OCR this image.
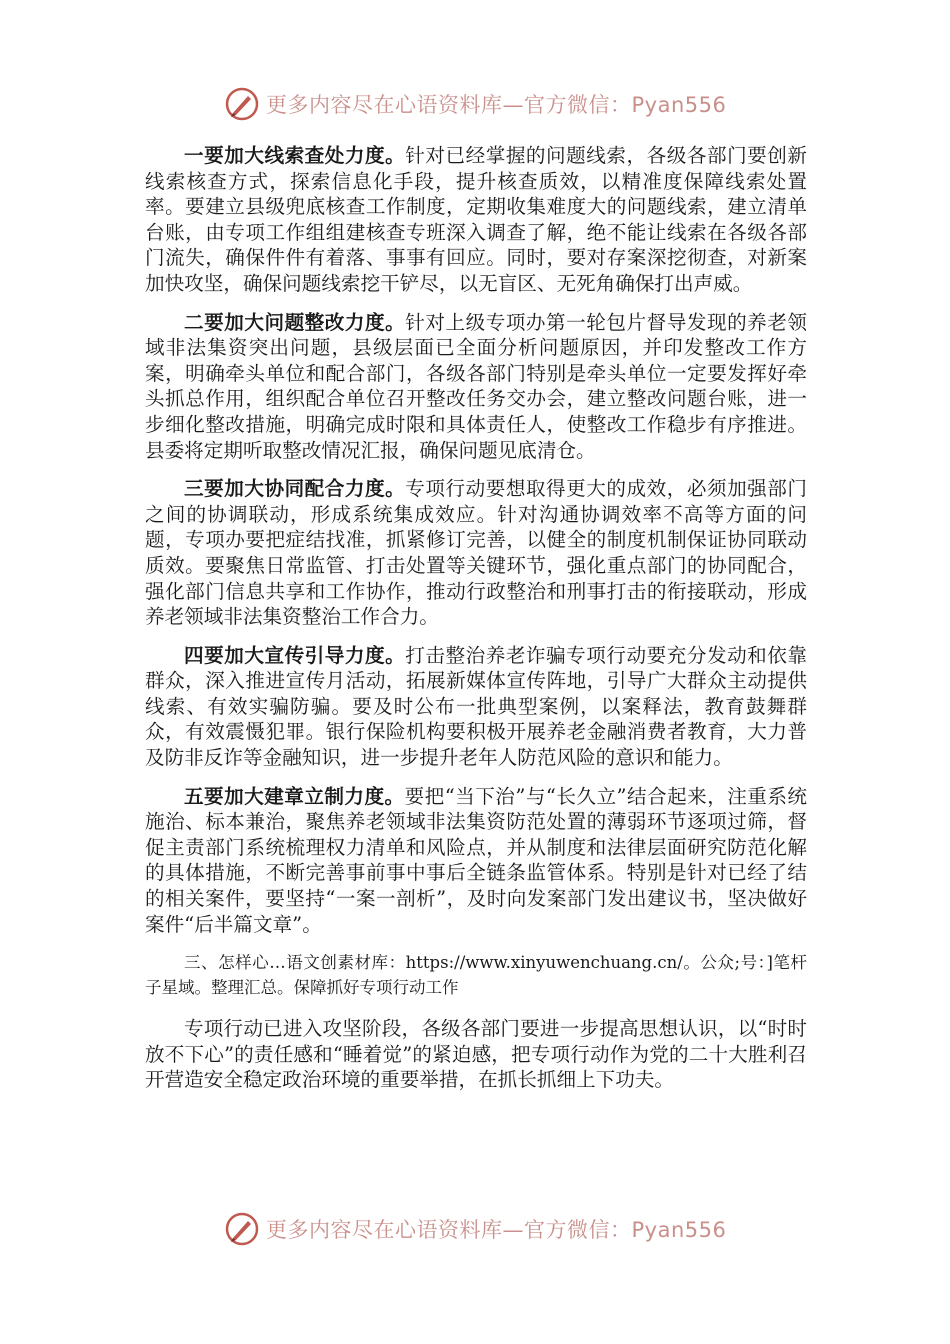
更多内容尽在心语资料库—官方微信：Pyan556

一要加大线索查处力度。针对已经掌握的问题线索，各级各部门要创新线索核查方式，探索信息化手段，提升核查质效，以精准度保障线索处置率。要建立县级兜底核查工作制度，定期收集难度大的问题线索，建立清单台账，由专项工作组组建核查专班深入调查了解，绝不能让线索在各级各部门流失，确保件件有着落、事事有回应。同时，要对存案深挖彻查，对新案加快攻坚，确保问题线索挖干铲尽，以无盲区、无死角确保打出声威。

二要加大问题整改力度。针对上级专项办第一轮包片督导发现的养老领域非法集资突出问题，县级层面已全面分析问题原因，并印发整改工作方案，明确牵头单位和配合部门，各级各部门特别是牵头单位一定要发挥好牵头抓总作用，组织配合单位召开整改任务交办会，建立整改问题台账，进一步细化整改措施，明确完成时限和具体责任人，使整改工作稳步有序推进。县委将定期听取整改情况汇报，确保问题见底清仓。

三要加大协同配合力度。专项行动要想取得更大的成效，必须加强部门之间的协调联动，形成系统集成效应。针对沟通协调效率不高等方面的问题，专项办要把症结找准，抓紧修订完善，以健全的制度机制保证协同联动质效。要聚焦日常监管、打击处置等关键环节，强化重点部门的协同配合，强化部门信息共享和工作协作，推动行政整治和刑事打击的衔接联动，形成养老领域非法集资整治工作合力。

四要加大宣传引导力度。打击整治养老诈骗专项行动要充分发动和依靠群众，深入推进宣传月活动，拓展新媒体宣传阵地，引导广大群众主动提供线索、有效实骗防骗。要及时公布一批典型案例，以案释法，教育鼓舞群众，有效震慑犯罪。银行保险机构要积极开展养老金融消费者教育，大力普及防非反诈等金融知识，进一步提升老年人防范风险的意识和能力。

五要加大建章立制力度。要把“当下治”与“长久立”结合起来，注重系统施治、标本兼治，聚焦养老领域非法集资防范处置的薄弱环节逐项过筛，督促主责部门系统梳理权力清单和风险点，并从制度和法律层面研究防范化解的具体措施，不断完善事前事中事后全链条监管体系。特别是针对已经了结的相关案件，要坚持“一案一剖析”，及时向发案部门发出建议书，坚决做好案件“后半篇文章”。

三、怎样心…语文创素材库：https://www.xinyuwenchuang.cn/。公众;号：]笔杆子星域。整理汇总。保障抓好专项行动工作

专项行动已进入攻坚阶段，各级各部门要进一步提高思想认识，以“时时放不下心”的责任感和“睡着觉”的紧迫感，把专项行动作为党的二十大胜利召开营造安全稳定政治环境的重要举措，在抓长抓细上下功夫。

更多内容尽在心语资料库—官方微信：Pyan556
